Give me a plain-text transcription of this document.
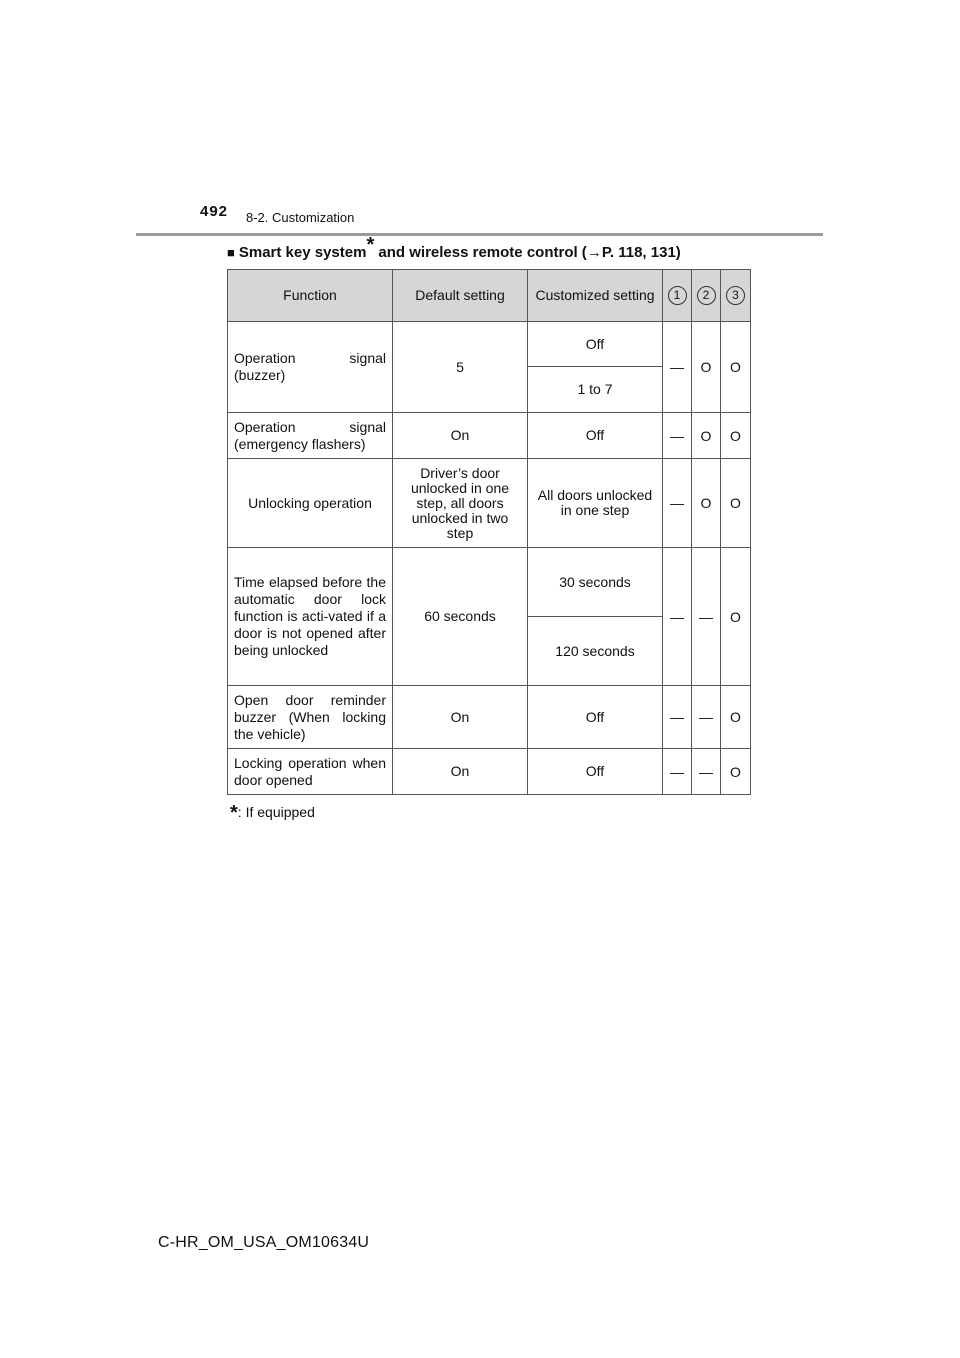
492 8-2. Customization
■ Smart key system* and wireless remote control (→P. 118, 131)
Function	Default setting	Customized setting	1	2	3
Operation signal (buzzer)	5	Off	—	O	O
		1 to 7			
Operation signal (emergency flashers)	On	Off	—	O	O
Unlocking operation	Driver’s door unlocked in one step, all doors unlocked in two step	All doors unlocked in one step	—	O	O
Time elapsed before the automatic door lock function is acti-vated if a door is not opened after being unlocked	60 seconds	30 seconds	—	—	O
		120 seconds			
Open door reminder buzzer (When locking the vehicle)	On	Off	—	—	O
Locking operation when door opened	On	Off	—	—	O
*: If equipped
C-HR_OM_USA_OM10634U
